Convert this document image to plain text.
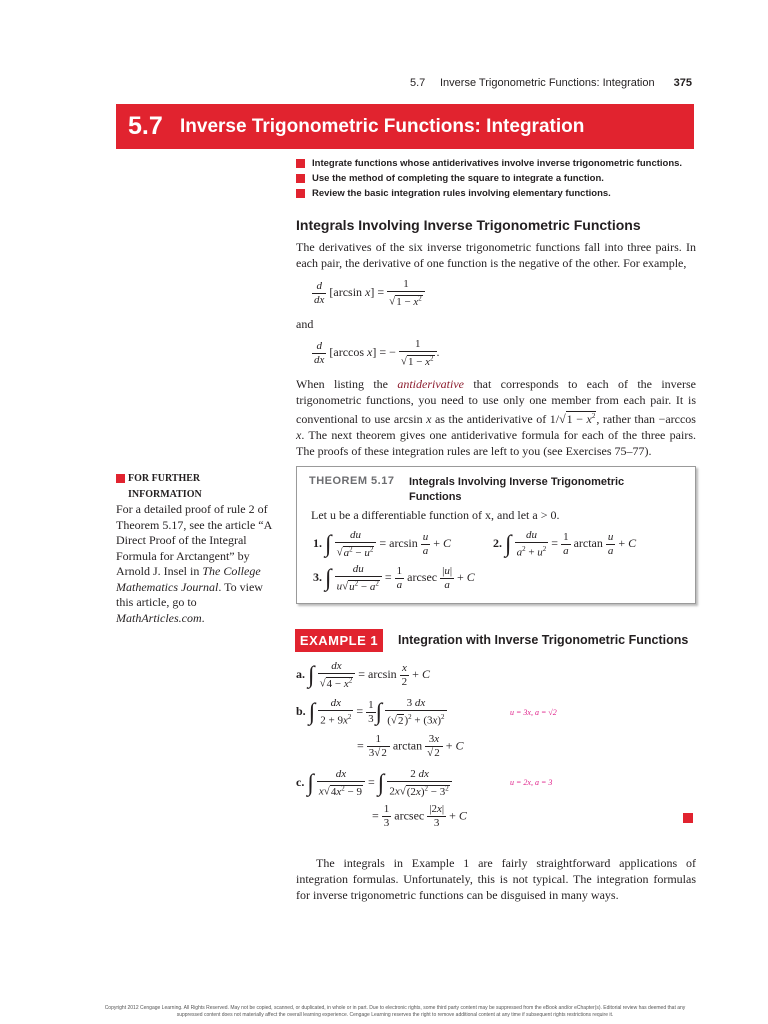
5.7 Inverse Trigonometric Functions: Integration 375
5.7 Inverse Trigonometric Functions: Integration
Integrate functions whose antiderivatives involve inverse trigonometric functions.
Use the method of completing the square to integrate a function.
Review the basic integration rules involving elementary functions.
Integrals Involving Inverse Trigonometric Functions

The derivatives of the six inverse trigonometric functions fall into three pairs. In each pair, the derivative of one function is the negative of the other. For example,

$\frac{d}{dx} [\arcsin$ $x] = \frac{1}{√1 - x^2}$

and

$\frac{d}{dx} [\arccos$ x] = − $\frac{1}{√1 - x^2}$ .

When listing the antiderivative that corresponds to each of the inverse trigonometric functions, you need to use only one member from each pair. It is conventional to use arcsin x as the antiderivative of $1/√1 - x^2$, rather than −arccos x. The next theorem gives one antiderivative formula for each of the three pairs. The proofs of these integration rules are left to you (see Exercises 75–77).

FOR FURTHER INFORMATION
For a detailed proof of rule 2 of Theorem 5.17, see the article “A Direct Proof of the Integral Formula for Arctangent” by Arnold J. Insel in The College Mathematics Journal. To view this article, go to MathArticles.com.
THEOREM 5.17 Integrals Involving Inverse Trigonometric Functions
Let u be a differentiable function of x, and let a > 0.
1. ∫ $\frac{du}{√a^2 - u^2} = \arcsin \frac{u}{a} + C$	2. ∫ $\frac{du}{a^2 + u^2} = \frac{1}{a}$ $\arctan \frac{u}{a} + C$
3. ∫ $\frac{du}{u√u^2 - a^2} = \frac{1}{a}$ arcsec $\frac{|u|}{a} + C$
EXAMPLE 1	Integration with Inverse Trigonometric Functions
a. ∫ $\frac{dx}{√4 - x^2} = \arcsin \frac{x}{2} + C$
b. ∫ $\frac{dx}{2 + 9x^2} = \frac{1}{3}$ ∫ $\frac{3 dx}{(√2)^2 + (3x)^2}$	u = 3x, a = √2
= $\frac{1}{3√2}$ $\arctan \frac{3x}{√2} + C$
c. ∫ $\frac{dx}{x√4x^2 - 9}$ = ∫ $\frac{2 dx}{2x√(2x)^2 - 3^2}$	u = 2x, a = 3
= $\frac{1}{3}$ arcsec $\frac{|2x|}{3} + C$

The integrals in Example 1 are fairly straightforward applications of integration formulas. Unfortunately, this is not typical. The integration formulas for inverse trigonometric functions can be disguised in many ways.

Copyright 2012 Cengage Learning. All Rights Reserved. May not be copied, scanned, or duplicated, in whole or in part. Due to electronic rights, some third party content may be suppressed from the eBook and/or eChapter(s). Editorial review has deemed that any suppressed content does not materially affect the overall learning experience. Cengage Learning reserves the right to remove additional content at any time if subsequent rights restrictions require it.
